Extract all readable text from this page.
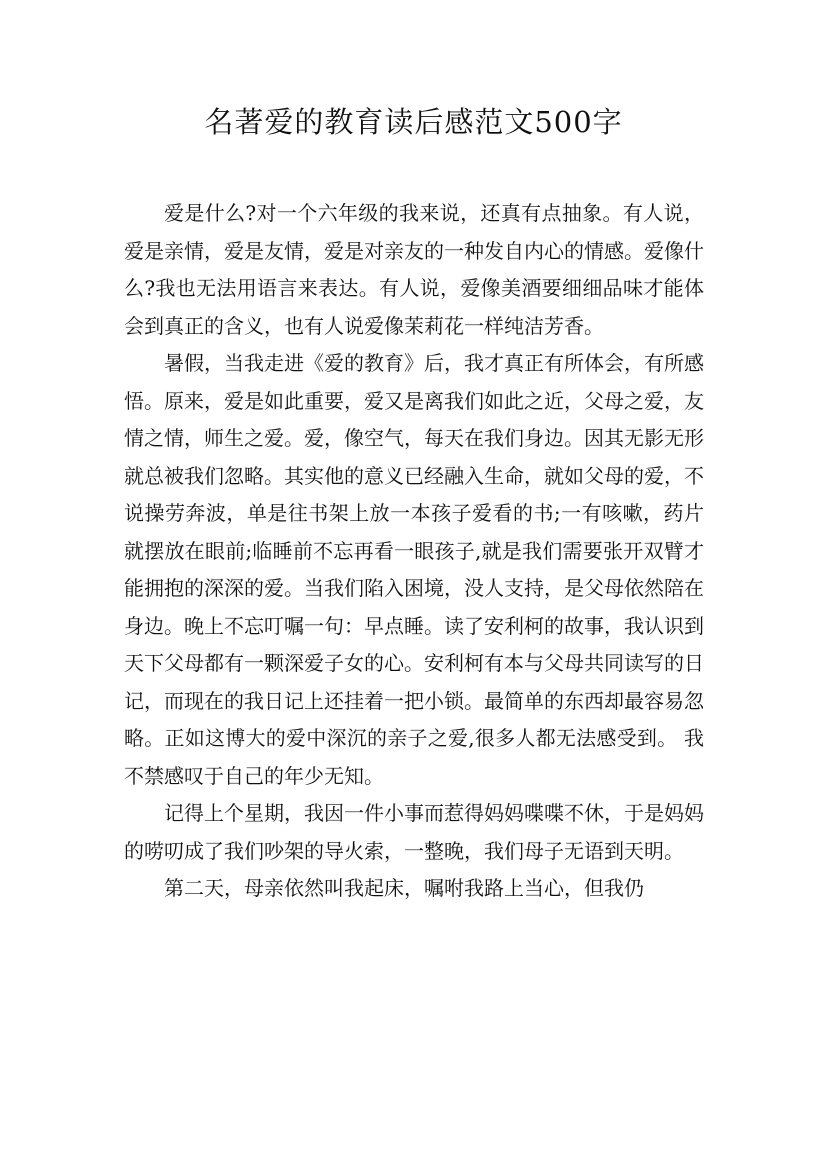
名著爱的教育读后感范文500字

爱是什么?对一个六年级的我来说，还真有点抽象。有人说，爱是亲情，爱是友情，爱是对亲友的一种发自内心的情感。爱像什么?我也无法用语言来表达。有人说，爱像美酒要细细品味才能体会到真正的含义，也有人说爱像茉莉花一样纯洁芳香。

暑假，当我走进《爱的教育》后，我才真正有所体会，有所感悟。原来，爱是如此重要，爱又是离我们如此之近，父母之爱，友情之情，师生之爱。爱，像空气，每天在我们身边。因其无影无形就总被我们忽略。其实他的意义已经融入生命，就如父母的爱，不说操劳奔波，单是往书架上放一本孩子爱看的书;一有咳嗽，药片就摆放在眼前;临睡前不忘再看一眼孩子,就是我们需要张开双臂才能拥抱的深深的爱。当我们陷入困境，没人支持，是父母依然陪在身边。晚上不忘叮嘱一句：早点睡。读了安利柯的故事，我认识到天下父母都有一颗深爱子女的心。安利柯有本与父母共同读写的日记，而现在的我日记上还挂着一把小锁。最简单的东西却最容易忽略。正如这博大的爱中深沉的亲子之爱,很多人都无法感受到。 我不禁感叹于自己的年少无知。

记得上个星期，我因一件小事而惹得妈妈喋喋不休，于是妈妈的唠叨成了我们吵架的导火索，一整晚，我们母子无语到天明。

第二天，母亲依然叫我起床，嘱咐我路上当心，但我仍
